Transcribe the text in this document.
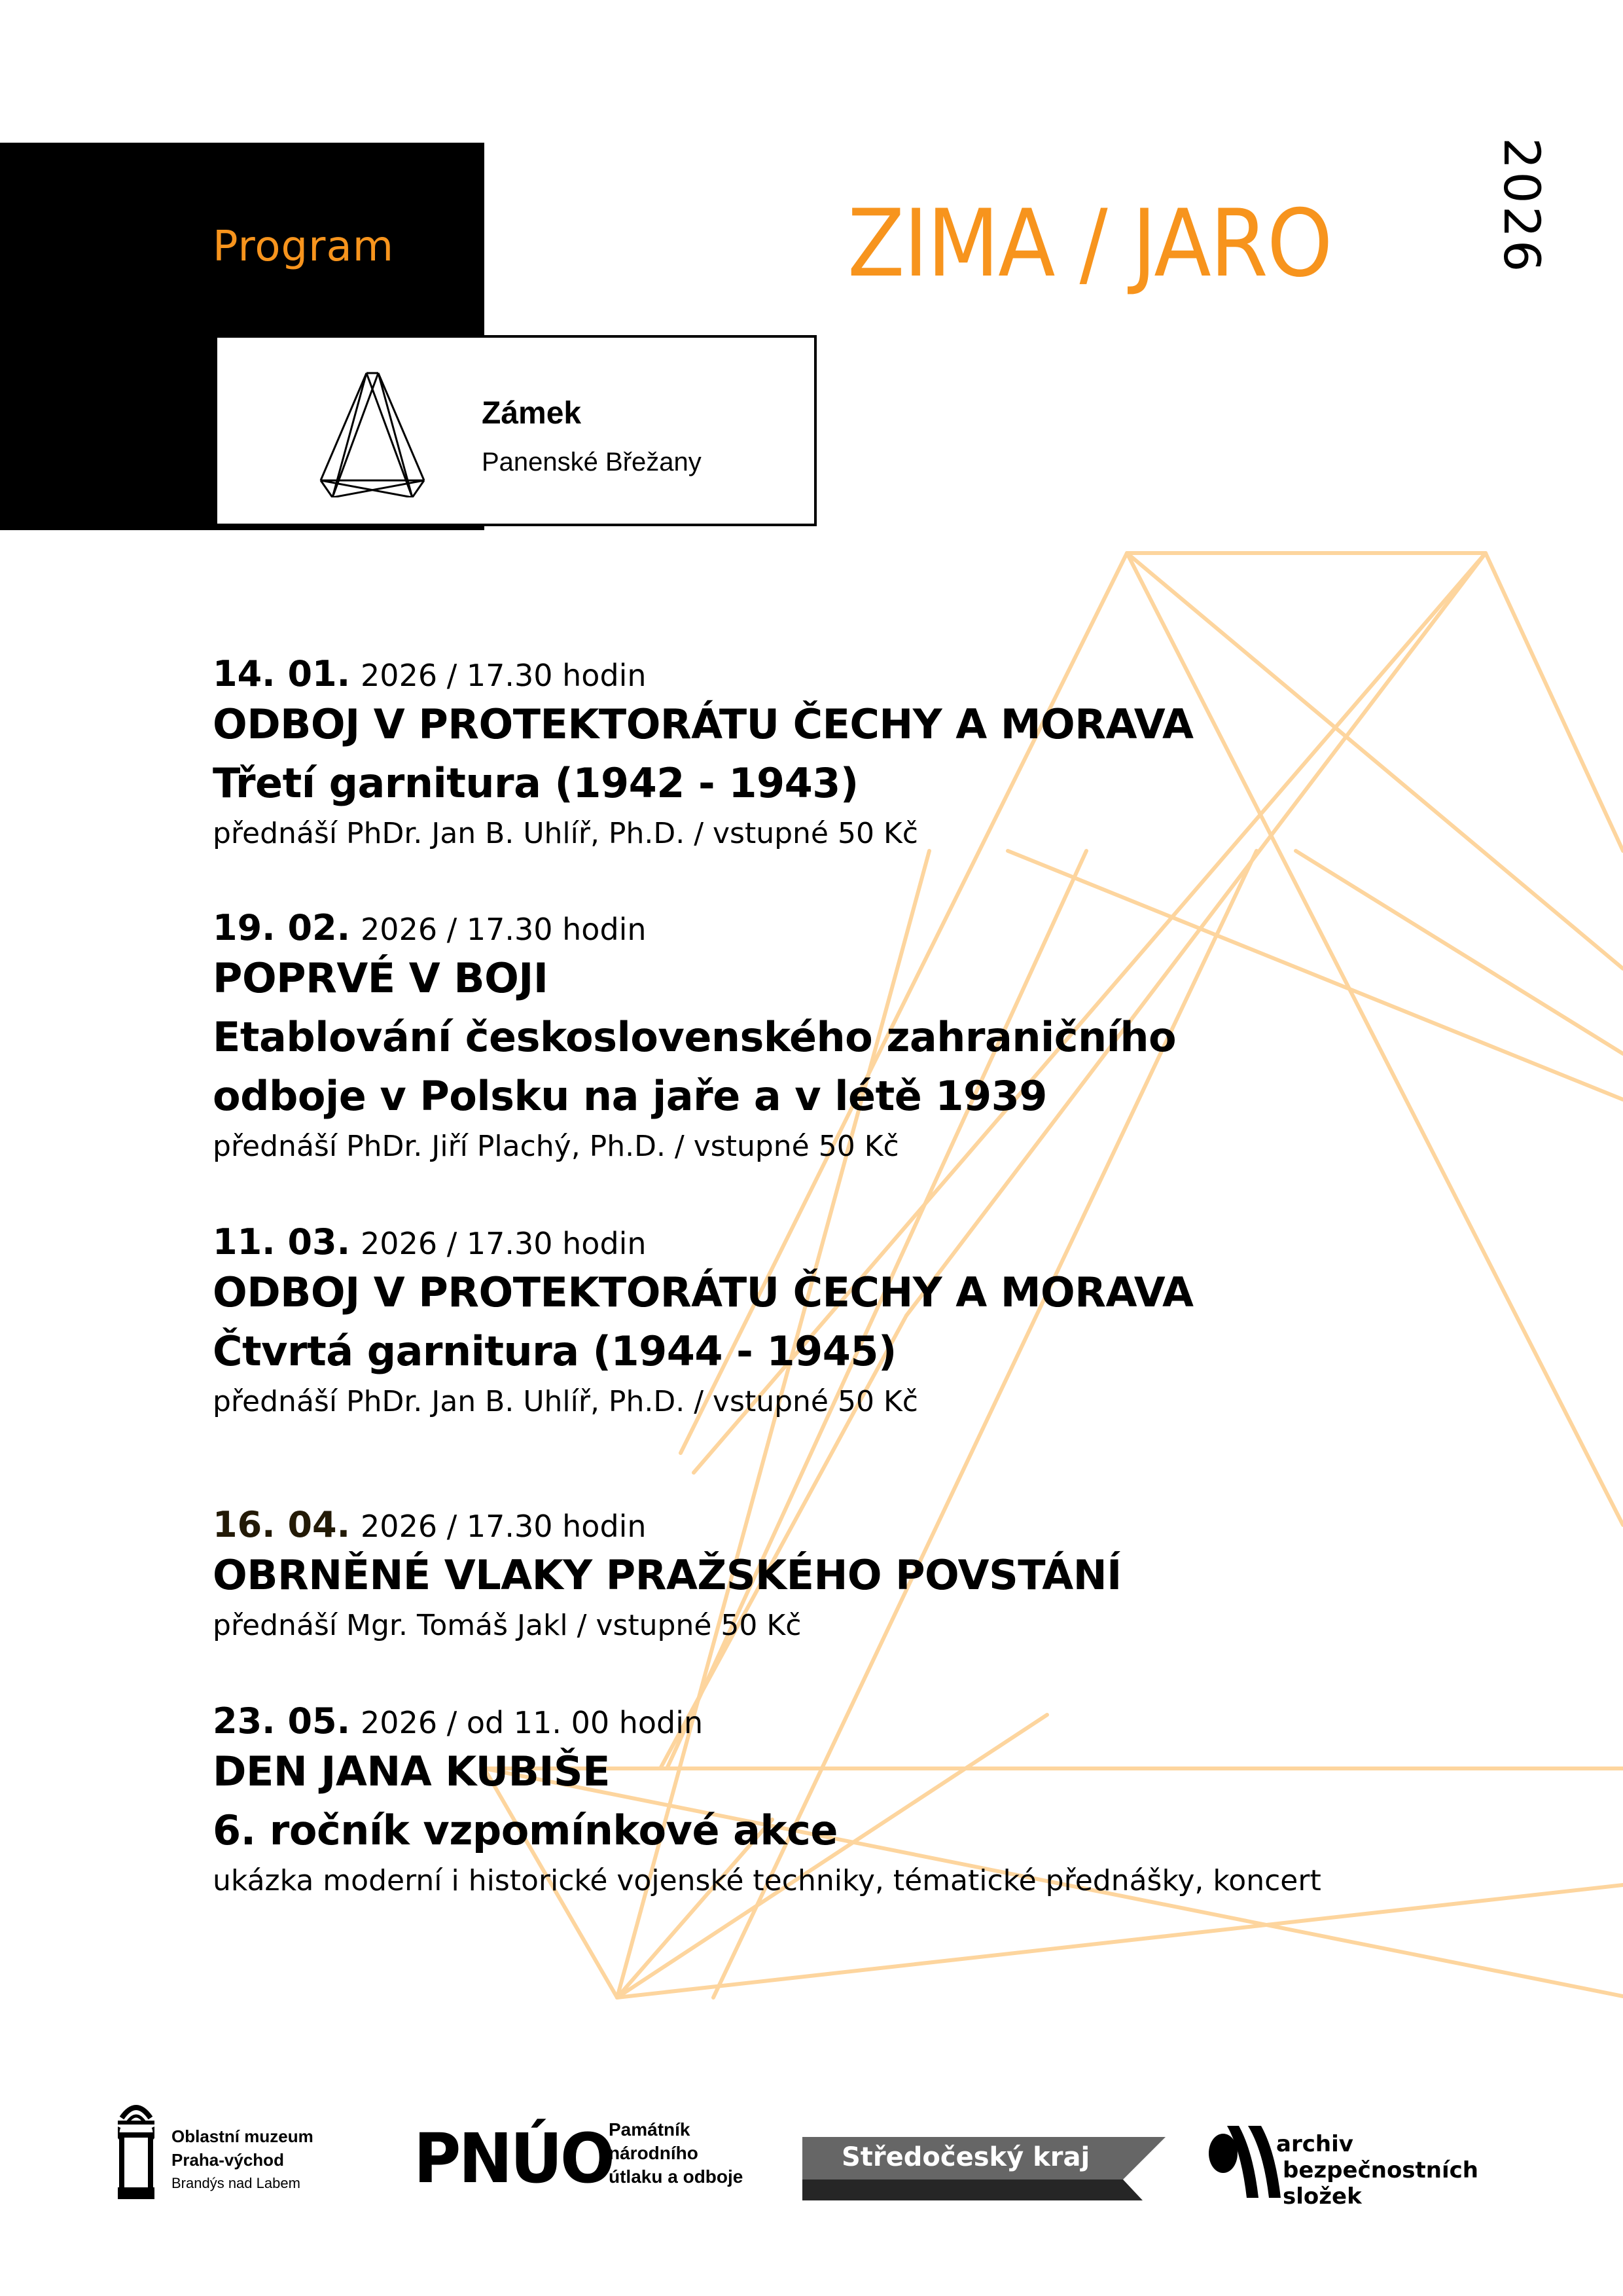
Program
Zámek
Panenské Břežany
ZIMA / JARO	2026
14. 01. 2026 / 17.30 hodin
ODBOJ V PROTEKTORÁTU ČECHY A MORAVA
Třetí garnitura (1942 - 1943)
přednáší PhDr. Jan B. Uhlíř, Ph.D. / vstupné 50 Kč
19. 02. 2026 / 17.30 hodin
POPRVÉ V BOJI
Etablování československého zahraničního
odboje v Polsku na jaře a v létě 1939
přednáší PhDr. Jiří Plachý, Ph.D. / vstupné 50 Kč
11. 03. 2026 / 17.30 hodin
ODBOJ V PROTEKTORÁTU ČECHY A MORAVA
Čtvrtá garnitura (1944 - 1945)
přednáší PhDr. Jan B. Uhlíř, Ph.D. / vstupné 50 Kč
16. 04. 2026 / 17.30 hodin
OBRNĚNÉ VLAKY PRAŽSKÉHO POVSTÁNÍ
přednáší Mgr. Tomáš Jakl / vstupné 50 Kč
23. 05. 2026 / od 11. 00 hodin
DEN JANA KUBIŠE
6. ročník vzpomínkové akce
ukázka moderní i historické vojenské techniky, tématické přednášky, koncert
Oblastní muzeum
Praha-východ
Brandýs nad Labem PNÚO
Památník
národního
útlaku a odboje
Středočeský kraj	archiv
bezpečnostních
složek
